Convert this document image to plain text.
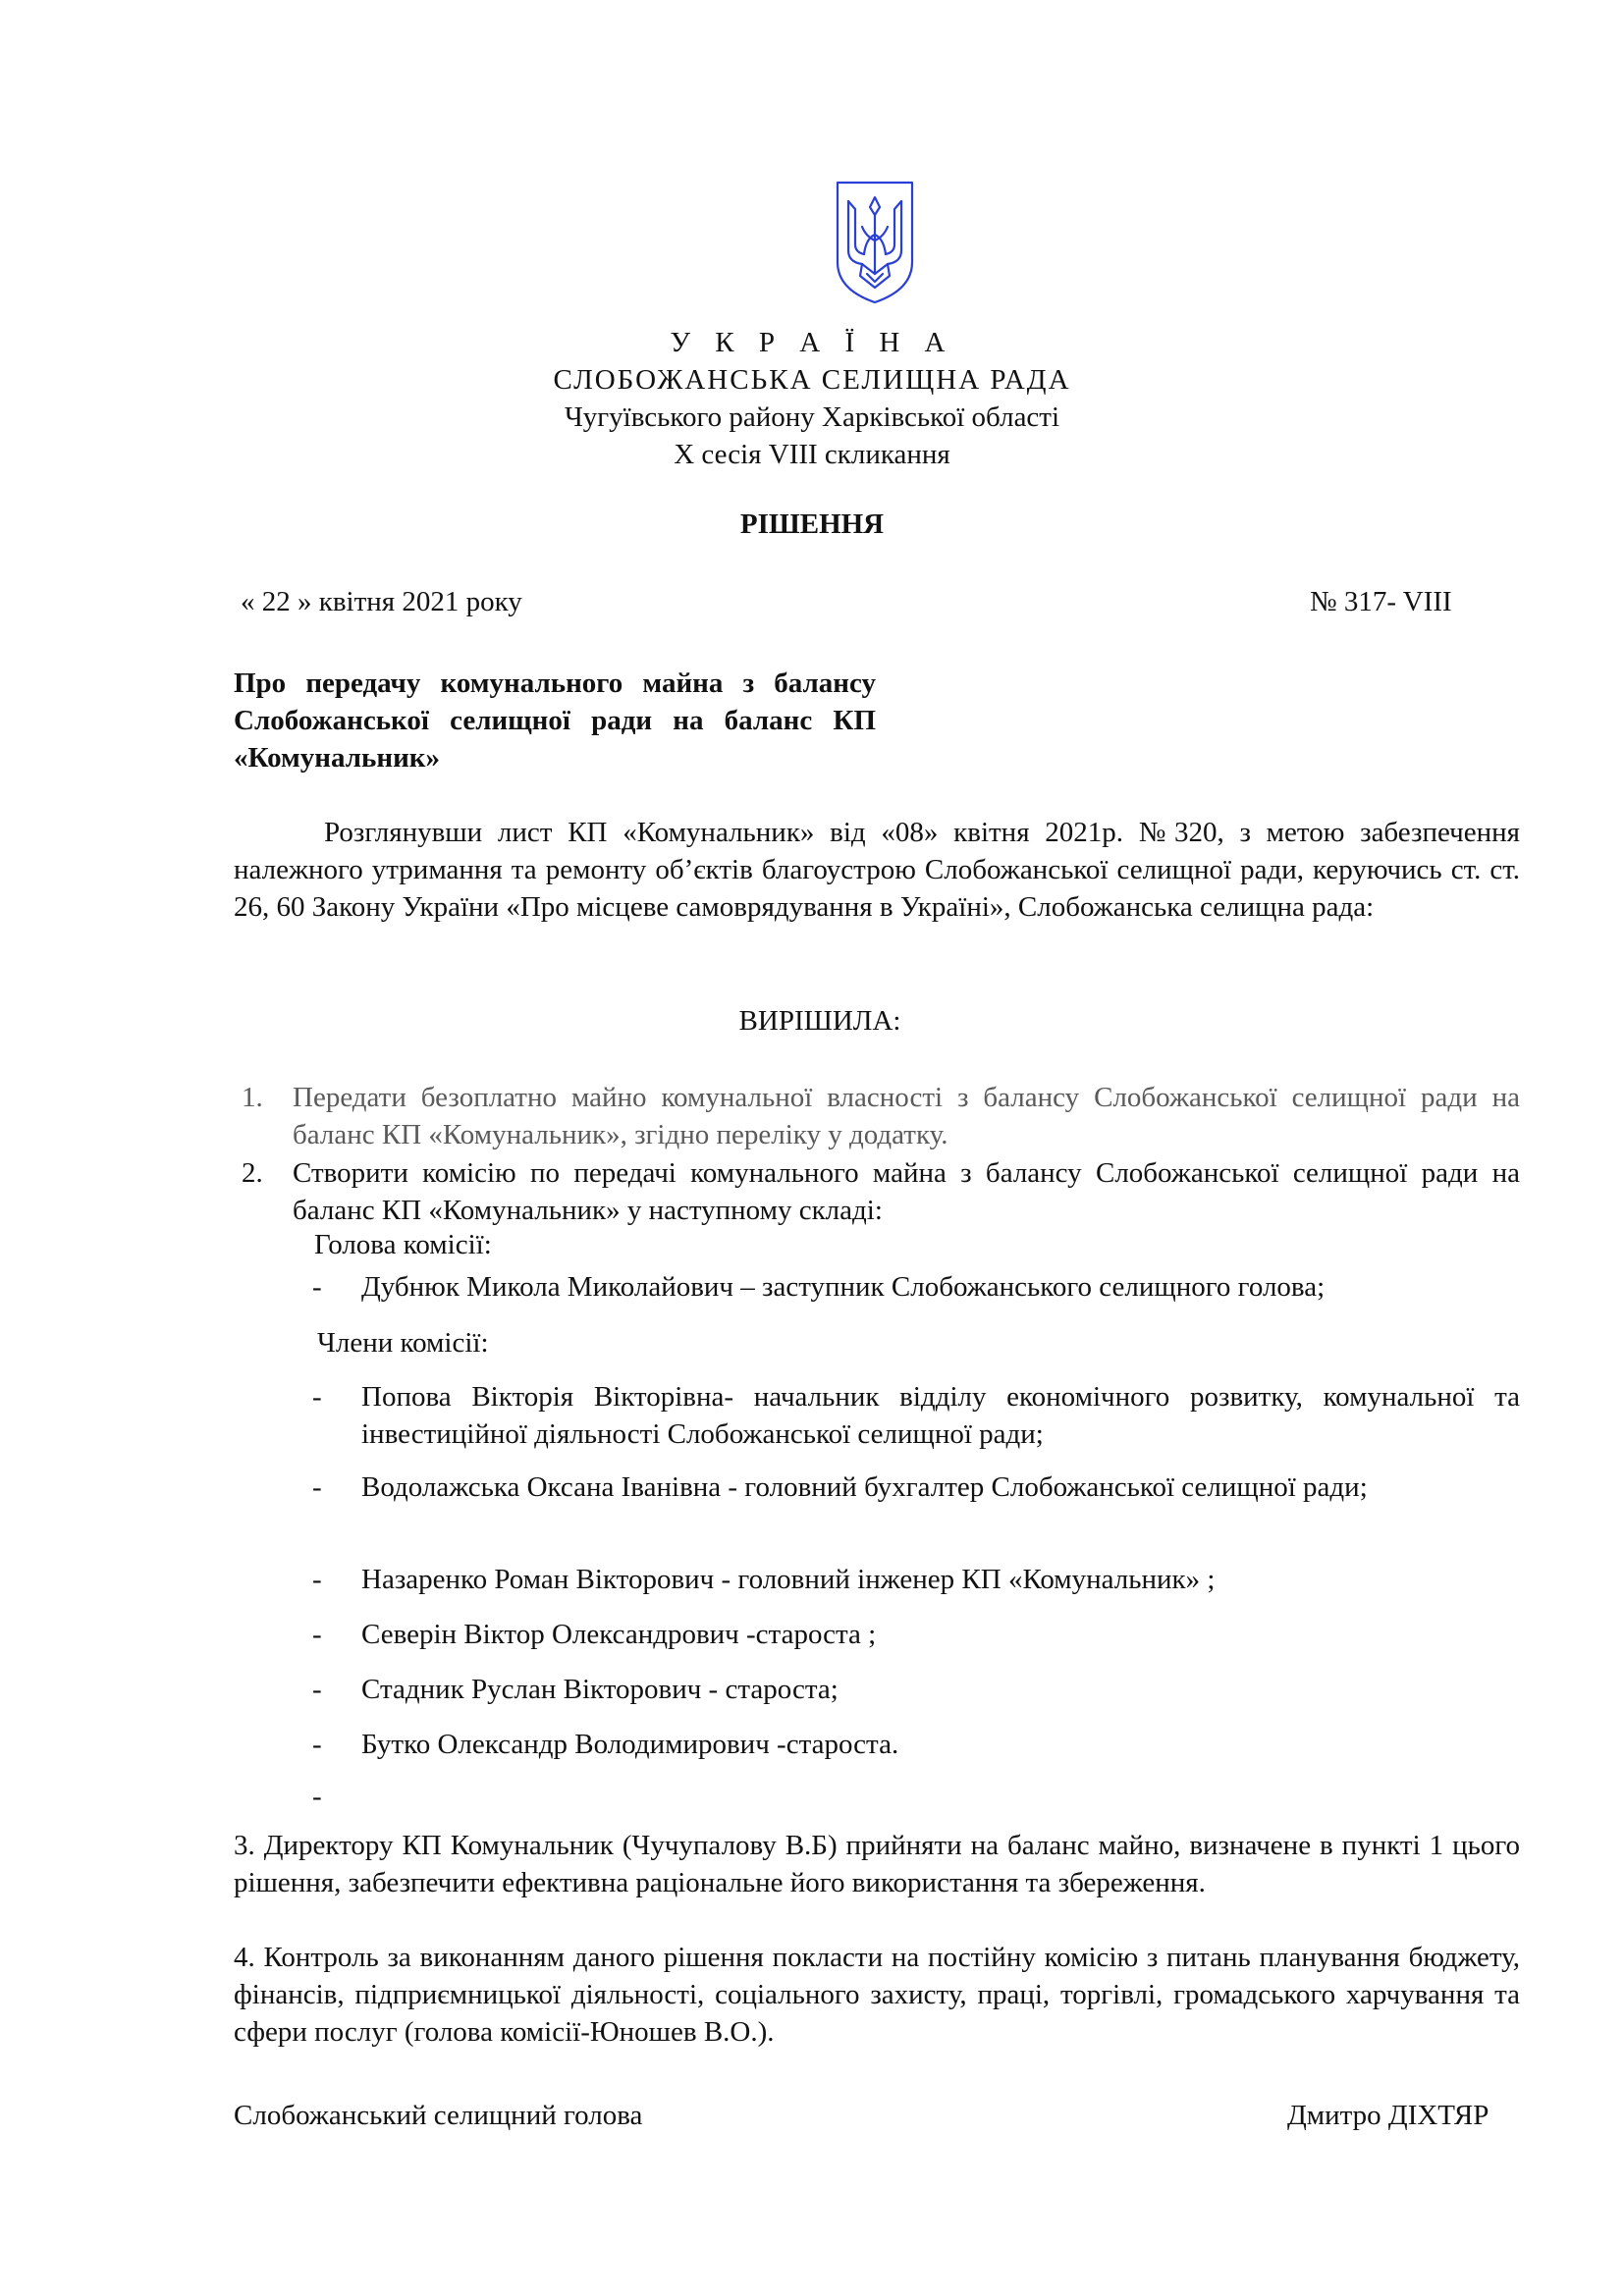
У К Р А Ї Н А
СЛОБОЖАНСЬКА СЕЛИЩНА РАДА
Чугуївського району Харківської області
Х сесія VIII скликання
РІШЕННЯ
« 22 » квітня 2021 року	№ 317- VIII
Про передачу комунального майна з балансу Слобожанської селищної ради на баланс КП «Комунальник»
Розглянувши лист КП «Комунальник» від «08» квітня 2021р. №320, з метою забезпечення належного утримання та ремонту об’єктів благоустрою Слобожанської селищної ради, керуючись ст. ст. 26, 60 Закону України «Про місцеве самоврядування в Україні», Слобожанська селищна рада:
ВИРІШИЛА:
1. Передати безоплатно майно комунальної власності з балансу Слобожанської селищної ради на баланс КП «Комунальник», згідно переліку у додатку.
2. Створити комісію по передачі комунального майна з балансу Слобожанської селищної ради на баланс КП «Комунальник» у наступному складі:
Голова комісії:
- Дубнюк Микола Миколайович – заступник Слобожанського селищного голова;
Члени комісії:
- Попова Вікторія Вікторівна- начальник відділу економічного розвитку, комунальної та інвестиційної діяльності Слобожанської селищної ради;
- Водолажська Оксана Іванівна - головний бухгалтер Слобожанської селищної ради;
- Назаренко Роман Вікторович - головний інженер КП «Комунальник» ;
- Северін Віктор Олександрович -староста ;
- Стадник Руслан Вікторович - староста;
- Бутко Олександр Володимирович -староста.
-
3. Директору КП Комунальник (Чучупалову В.Б) прийняти на баланс майно, визначене в пункті 1 цього рішення, забезпечити ефективна раціональне його використання та збереження.
4. Контроль за виконанням даного рішення покласти на постійну комісію з питань планування бюджету, фінансів, підприємницької діяльності, соціального захисту, праці, торгівлі, громадського харчування та сфери послуг (голова комісії-Юношев В.О.).
Слобожанський селищний голова	Дмитро ДІХТЯР
